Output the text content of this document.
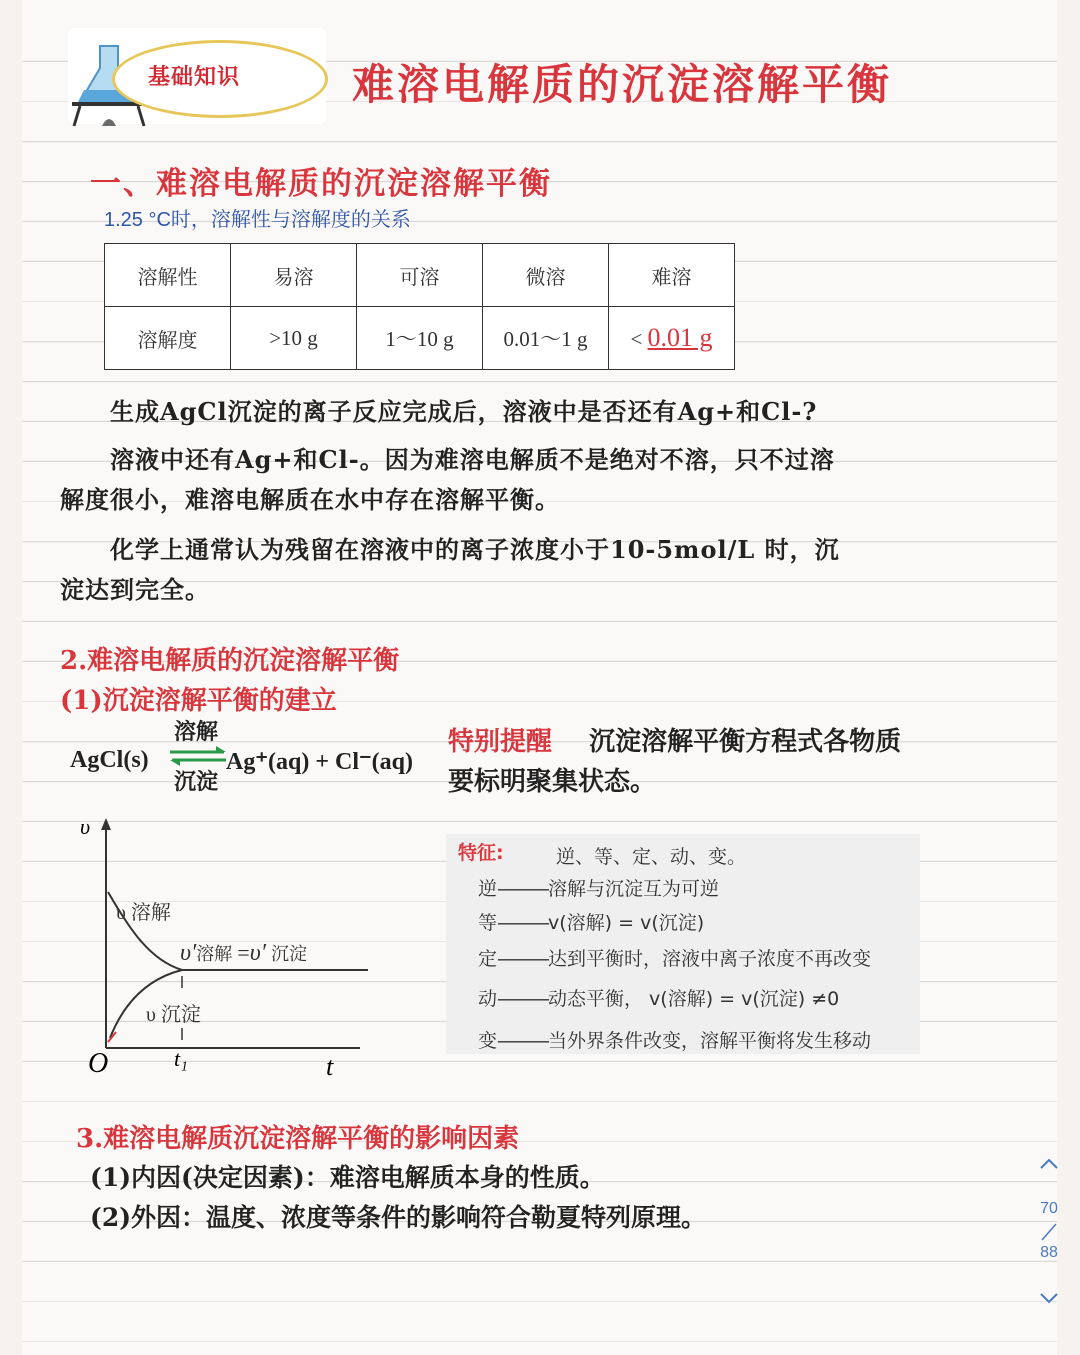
基础知识	难溶电解质的沉淀溶解平衡
一、难溶电解质的沉淀溶解平衡
1.25 °C时，溶解性与溶解度的关系
溶解性	易溶	可溶	微溶	难溶
溶解度	>10 g	1～10 g	0.01～1 g	< 0.01 g
生成AgCl沉淀的离子反应完成后，溶液中是否还有Ag+和Cl-?
溶液中还有Ag+和Cl-。因为难溶电解质不是绝对不溶，只不过溶
解度很小，难溶电解质在水中存在溶解平衡。
化学上通常认为残留在溶液中的离子浓度小于10-5mol/L 时，沉
淀达到完全。
2.难溶电解质的沉淀溶解平衡
(1)沉淀溶解平衡的建立
AgCl(s)
溶解
沉淀
Ag⁺(aq) + Cl⁻(aq)
特别提醒 沉淀溶解平衡方程式各物质
要标明聚集状态。
υ
O	t₁	t
υ 溶解
υ 沉淀
υ′溶解 =υ′ 沉淀
特征:	逆、等、定、动、变。
逆———溶解与沉淀互为可逆
等———v(溶解) = v(沉淀)
定———达到平衡时，溶液中离子浓度不再改变
动———动态平衡， v(溶解) = v(沉淀) ≠0
变———当外界条件改变，溶解平衡将发生移动
3.难溶电解质沉淀溶解平衡的影响因素
(1)内因(决定因素)：难溶电解质本身的性质。
(2)外因：温度、浓度等条件的影响符合勒夏特列原理。	70
88
